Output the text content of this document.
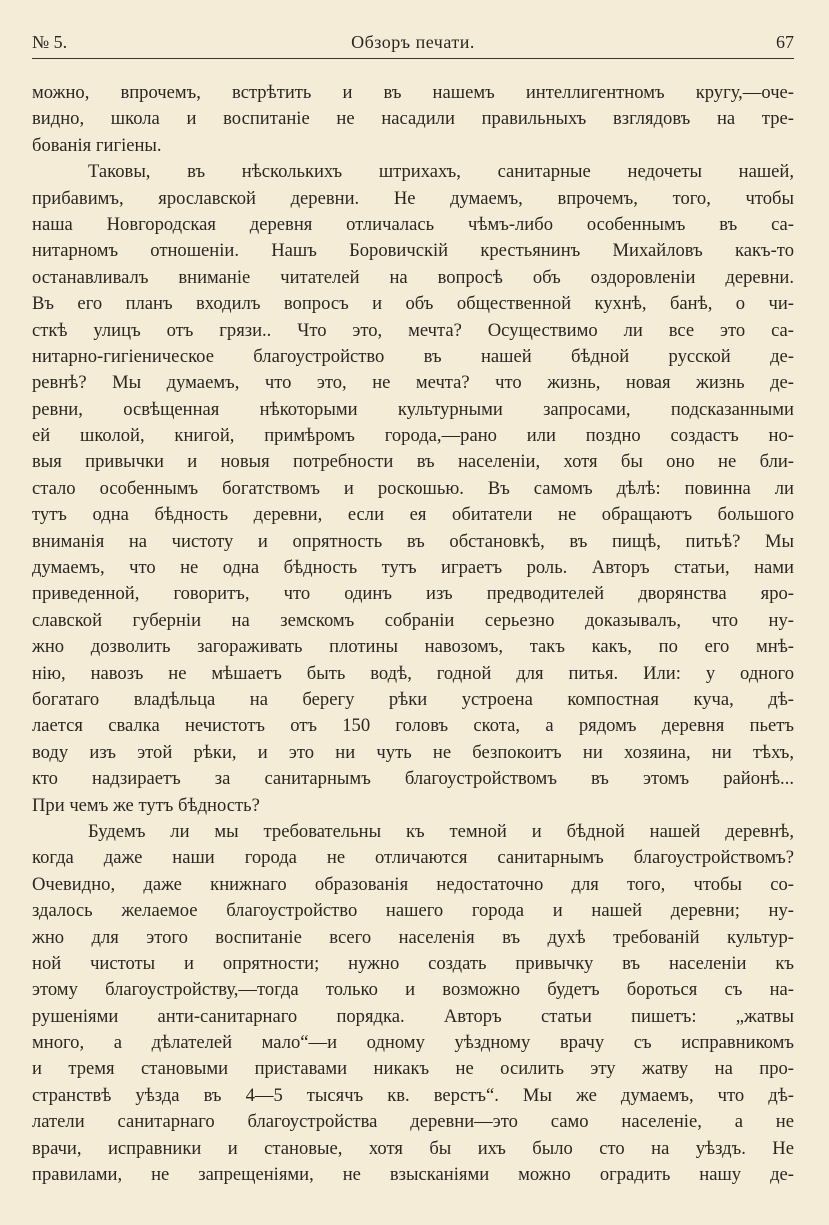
№ 5.	Обзоръ печати.	67
можно, впрочемъ, встрѣтить и въ нашемъ интеллигентномъ кругу,—оче-
видно, школа и воспитаніе не насадили правильныхъ взглядовъ на тре-
бованія гигіены.
Таковы, въ нѣсколькихъ штрихахъ, санитарные недочеты нашей,
прибавимъ, ярославской деревни. Не думаемъ, впрочемъ, того, чтобы
наша Новгородская деревня отличалась чѣмъ-либо особеннымъ въ са-
нитарномъ отношеніи. Нашъ Боровичскій крестьянинъ Михайловъ какъ-то
останавливалъ вниманіе читателей на вопросѣ объ оздоровленіи деревни.
Въ его планъ входилъ вопросъ и объ общественной кухнѣ, банѣ, о чи-
сткѣ улицъ отъ грязи.. Что это, мечта? Осуществимо ли все это са-
нитарно-гигіеническое благоустройство въ нашей бѣдной русской де-
ревнѣ? Мы думаемъ, что это, не мечта? что жизнь, новая жизнь де-
ревни, освѣщенная нѣкоторыми культурными запросами, подсказанными
ей школой, книгой, примѣромъ города,—рано или поздно создастъ но-
выя привычки и новыя потребности въ населеніи, хотя бы оно не бли-
стало особеннымъ богатствомъ и роскошью. Въ самомъ дѣлѣ: повинна ли
тутъ одна бѣдность деревни, если ея обитатели не обращаютъ большого
вниманія на чистоту и опрятность въ обстановкѣ, въ пищѣ, питьѣ? Мы
думаемъ, что не одна бѣдность тутъ играетъ роль. Авторъ статьи, нами
приведенной, говоритъ, что одинъ изъ предводителей дворянства яро-
славской губерніи на земскомъ собраніи серьезно доказывалъ, что ну-
жно дозволить загораживать плотины навозомъ, такъ какъ, по его мнѣ-
нію, навозъ не мѣшаетъ быть водѣ, годной для питья. Или: у одного
богатаго владѣльца на берегу рѣки устроена компостная куча, дѣ-
лается свалка нечистотъ отъ 150 головъ скота, а рядомъ деревня пьетъ
воду изъ этой рѣки, и это ни чуть не безпокоитъ ни хозяина, ни тѣхъ,
кто надзираетъ за санитарнымъ благоустройствомъ въ этомъ районѣ...
При чемъ же тутъ бѣдность?
Будемъ ли мы требовательны къ темной и бѣдной нашей деревнѣ,
когда даже наши города не отличаются санитарнымъ благоустройствомъ?
Очевидно, даже книжнаго образованія недостаточно для того, чтобы со-
здалось желаемое благоустройство нашего города и нашей деревни; ну-
жно для этого воспитаніе всего населенія въ духѣ требованій культур-
ной чистоты и опрятности; нужно создать привычку въ населеніи къ
этому благоустройству,—тогда только и возможно будетъ бороться съ на-
рушеніями анти-санитарнаго порядка. Авторъ статьи пишетъ: „жатвы
много, а дѣлателей мало“—и одному уѣздному врачу съ исправникомъ
и тремя становыми приставами никакъ не осилить эту жатву на про-
странствѣ уѣзда въ 4—5 тысячъ кв. верстъ“. Мы же думаемъ, что дѣ-
латели санитарнаго благоустройства деревни—это само населеніе, а не
врачи, исправники и становые, хотя бы ихъ было сто на уѣздъ. Не
правилами, не запрещеніями, не взысканіями можно оградить нашу де-
